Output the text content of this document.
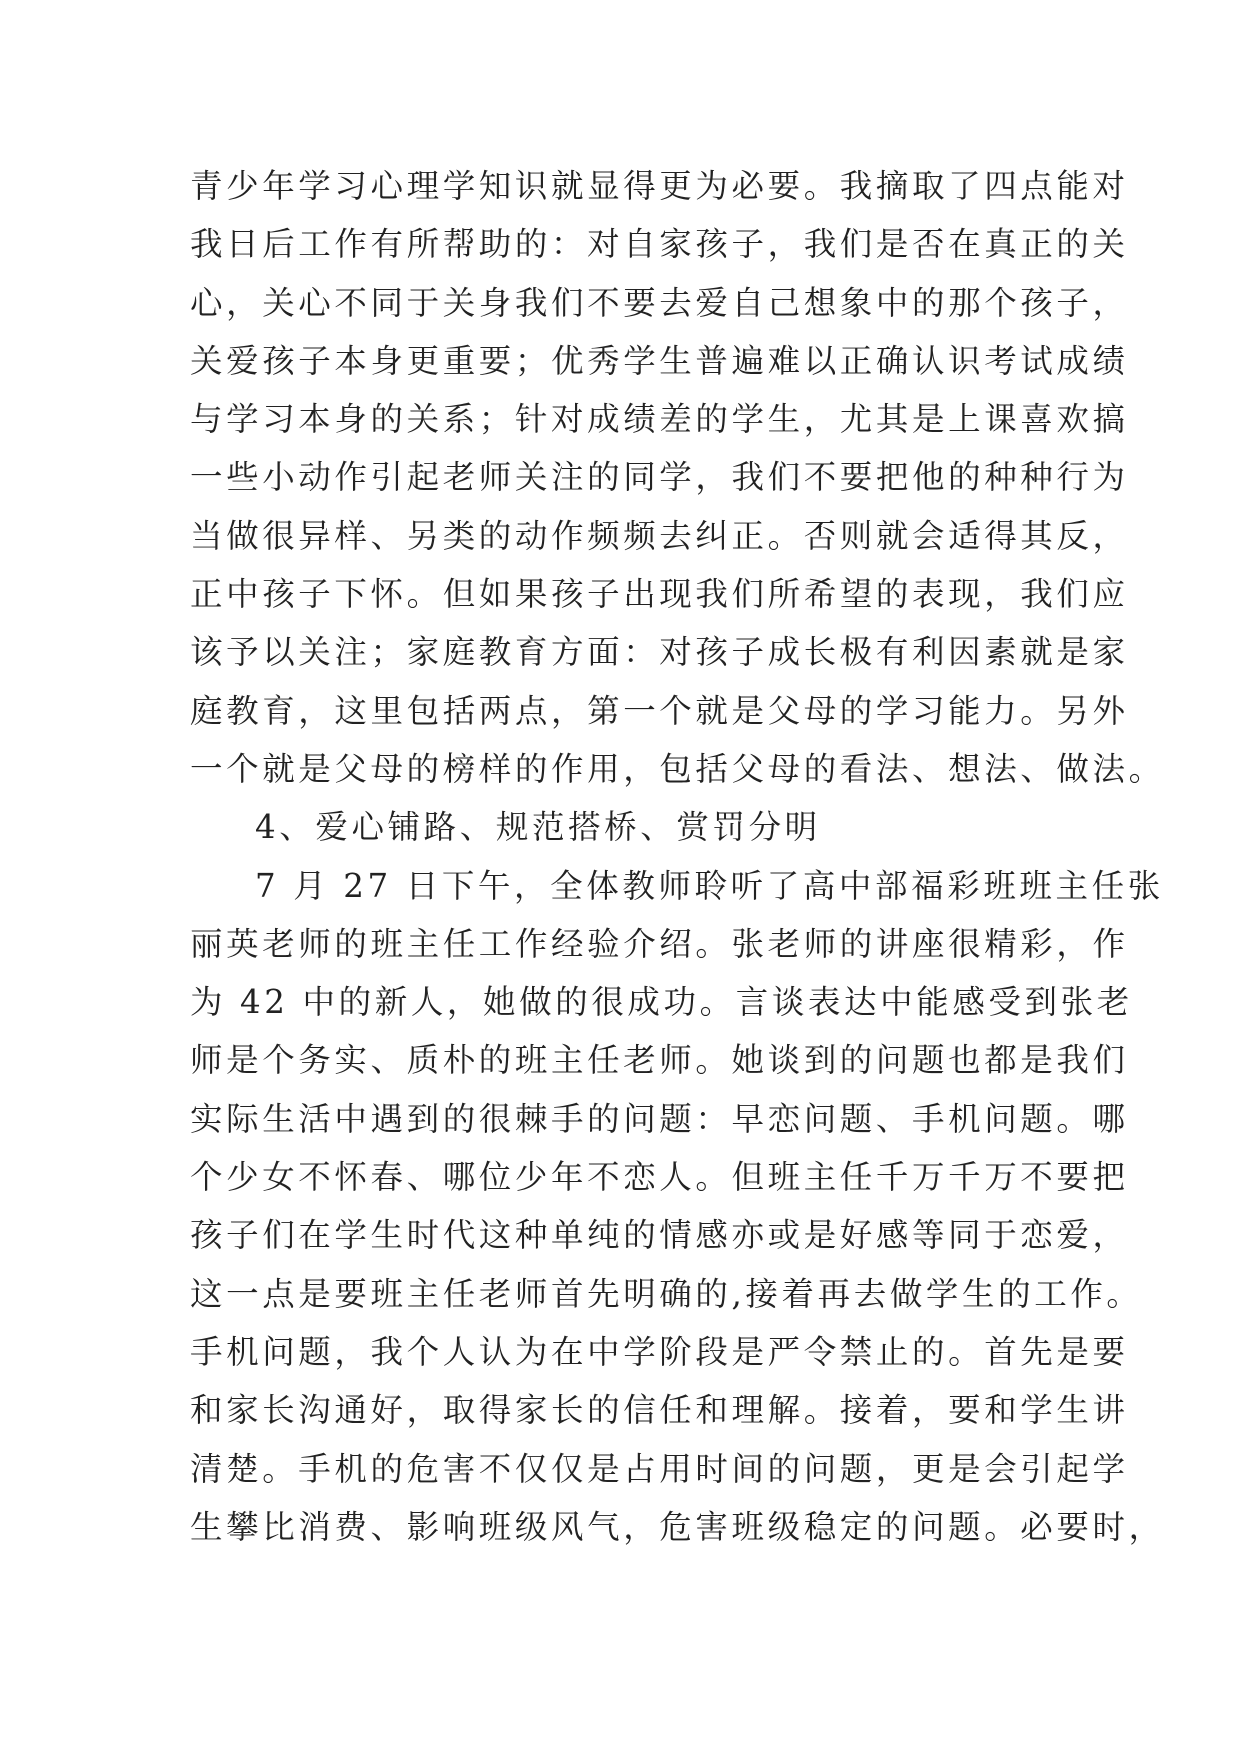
青少年学习心理学知识就显得更为必要。我摘取了四点能对
我日后工作有所帮助的：对自家孩子，我们是否在真正的关
心，关心不同于关身我们不要去爱自己想象中的那个孩子，
关爱孩子本身更重要；优秀学生普遍难以正确认识考试成绩
与学习本身的关系；针对成绩差的学生，尤其是上课喜欢搞
一些小动作引起老师关注的同学，我们不要把他的种种行为
当做很异样、另类的动作频频去纠正。否则就会适得其反，
正中孩子下怀。但如果孩子出现我们所希望的表现，我们应
该予以关注；家庭教育方面：对孩子成长极有利因素就是家
庭教育，这里包括两点，第一个就是父母的学习能力。另外
一个就是父母的榜样的作用，包括父母的看法、想法、做法。
4、爱心铺路、规范搭桥、赏罚分明
7 月 27 日下午，全体教师聆听了高中部福彩班班主任张
丽英老师的班主任工作经验介绍。张老师的讲座很精彩，作
为 42 中的新人，她做的很成功。言谈表达中能感受到张老
师是个务实、质朴的班主任老师。她谈到的问题也都是我们
实际生活中遇到的很棘手的问题：早恋问题、手机问题。哪
个少女不怀春、哪位少年不恋人。但班主任千万千万不要把
孩子们在学生时代这种单纯的情感亦或是好感等同于恋爱，
这一点是要班主任老师首先明确的,接着再去做学生的工作。
手机问题，我个人认为在中学阶段是严令禁止的。首先是要
和家长沟通好，取得家长的信任和理解。接着，要和学生讲
清楚。手机的危害不仅仅是占用时间的问题，更是会引起学
生攀比消费、影响班级风气，危害班级稳定的问题。必要时，
